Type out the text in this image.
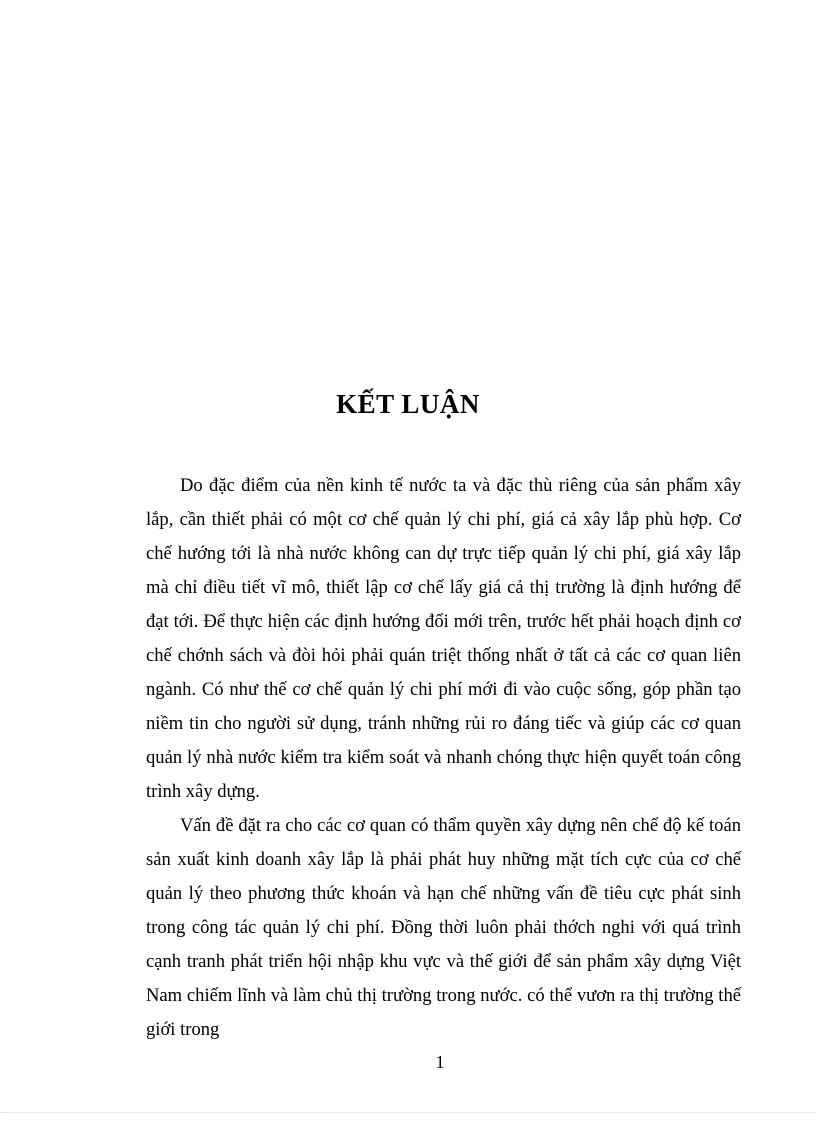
KẾT LUẬN

Do đặc điểm của nền kinh tế nước ta và đặc thù riêng của sản phẩm xây lắp, cần thiết phải có một cơ chế quản lý chi phí, giá cả xây lắp phù hợp. Cơ chế hướng tới là nhà nước không can dự trực tiếp quản lý chi phí, giá xây lắp mà chỉ điều tiết vĩ mô, thiết lập cơ chế lấy giá cả thị trường là định hướng để đạt tới. Để thực hiện các định hướng đổi mới trên, trước hết phải hoạch định cơ chế chớnh sách và đòi hỏi phải quán triệt thống nhất ở tất cả các cơ quan liên ngành. Có như thế cơ chế quản lý chi phí mới đi vào cuộc sống, góp phần tạo niềm tin cho người sử dụng, tránh những rủi ro đáng tiếc và giúp các cơ quan quản lý nhà nước kiểm tra kiểm soát và nhanh chóng thực hiện quyết toán công trình xây dựng.

Vấn đề đặt ra cho các cơ quan có thẩm quyền xây dựng nên chế độ kế toán sản xuất kinh doanh xây lắp là phải phát huy những mặt tích cực của cơ chế quản lý theo phương thức khoán và hạn chế những vấn đề tiêu cực phát sinh trong công tác quản lý chi phí. Đồng thời luôn phải thớch nghi với quá trình cạnh tranh phát triển hội nhập khu vực và thế giới để sản phẩm xây dựng Việt Nam chiếm lĩnh và làm chủ thị trường trong nước. có thể vươn ra thị trường thế giới trong

1
